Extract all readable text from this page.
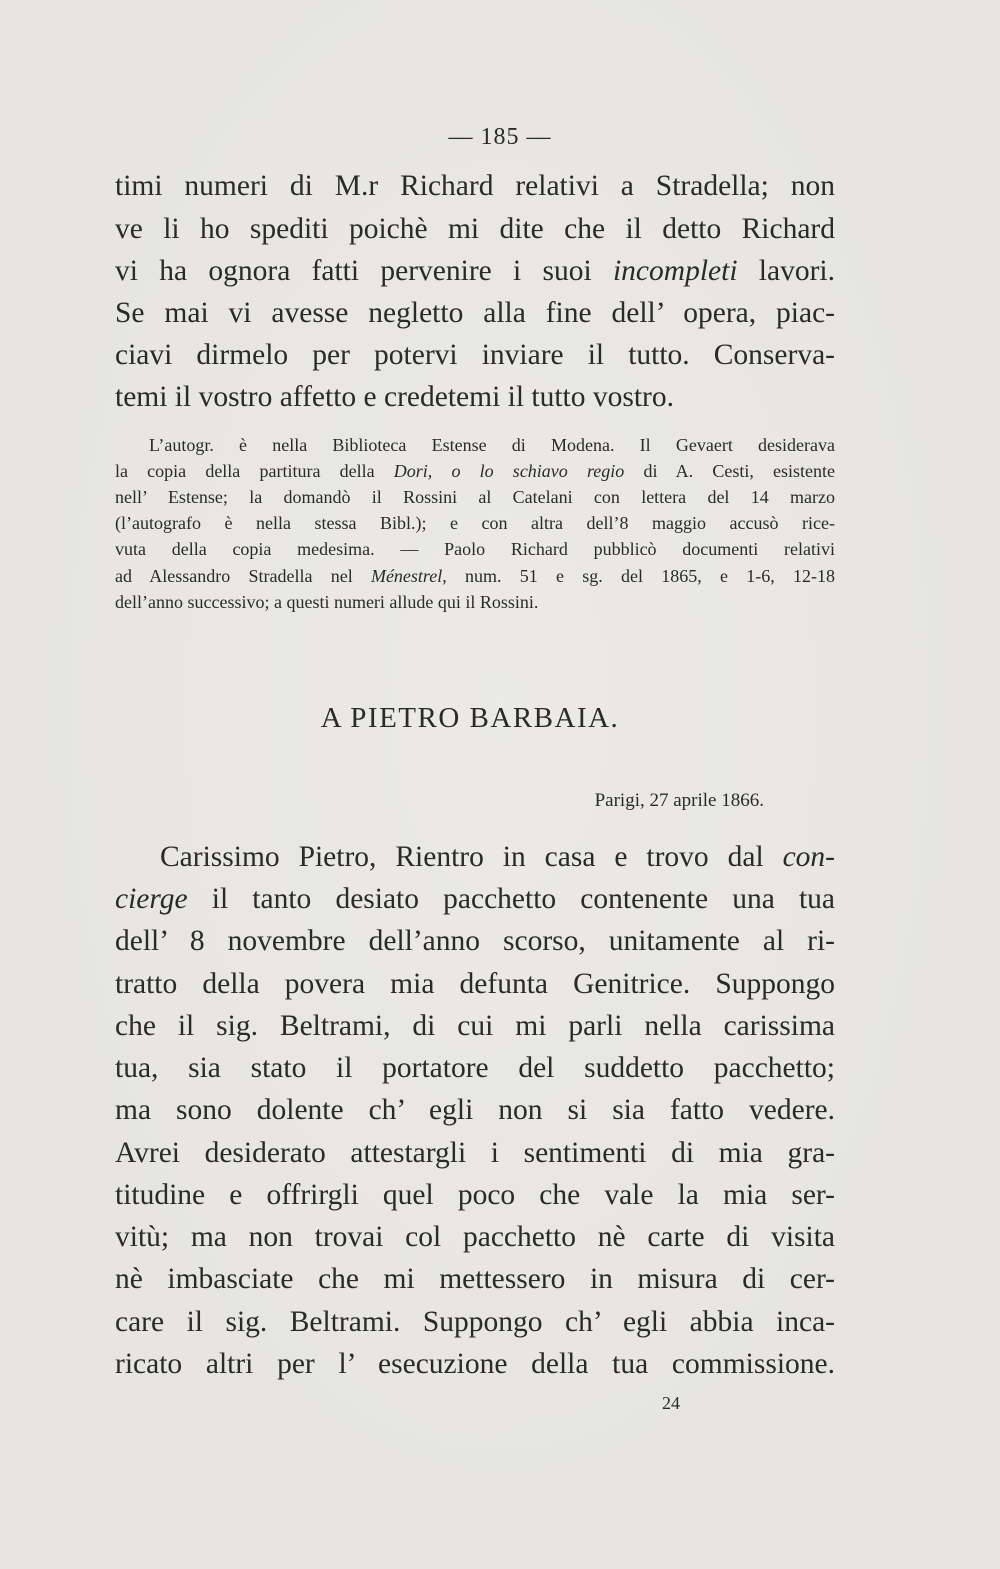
— 185 —
timi numeri di M.r Richard relativi a Stradella; non
ve li ho spediti poichè mi dite che il detto Richard
vi ha ognora fatti pervenire i suoi incompleti lavori.
Se mai vi avesse negletto alla fine dell’ opera, piac-
ciavi dirmelo per potervi inviare il tutto. Conserva-
temi il vostro affetto e credetemi il tutto vostro.
L’autogr. è nella Biblioteca Estense di Modena. Il Gevaert desiderava
la copia della partitura della Dori, o lo schiavo regio di A. Cesti, esistente
nell’ Estense; la domandò il Rossini al Catelani con lettera del 14 marzo
(l’autografo è nella stessa Bibl.); e con altra dell’8 maggio accusò rice-
vuta della copia medesima. — Paolo Richard pubblicò documenti relativi
ad Alessandro Stradella nel Ménestrel, num. 51 e sg. del 1865, e 1-6, 12-18
dell’anno successivo; a questi numeri allude qui il Rossini.
A PIETRO BARBAIA.
Parigi, 27 aprile 1866.
Carissimo Pietro, Rientro in casa e trovo dal con-
cierge il tanto desiato pacchetto contenente una tua
dell’ 8 novembre dell’anno scorso, unitamente al ri-
tratto della povera mia defunta Genitrice. Suppongo
che il sig. Beltrami, di cui mi parli nella carissima
tua, sia stato il portatore del suddetto pacchetto;
ma sono dolente ch’ egli non si sia fatto vedere.
Avrei desiderato attestargli i sentimenti di mia gra-
titudine e offrirgli quel poco che vale la mia ser-
vitù; ma non trovai col pacchetto nè carte di visita
nè imbasciate che mi mettessero in misura di cer-
care il sig. Beltrami. Suppongo ch’ egli abbia inca-
ricato altri per l’ esecuzione della tua commissione.
24
